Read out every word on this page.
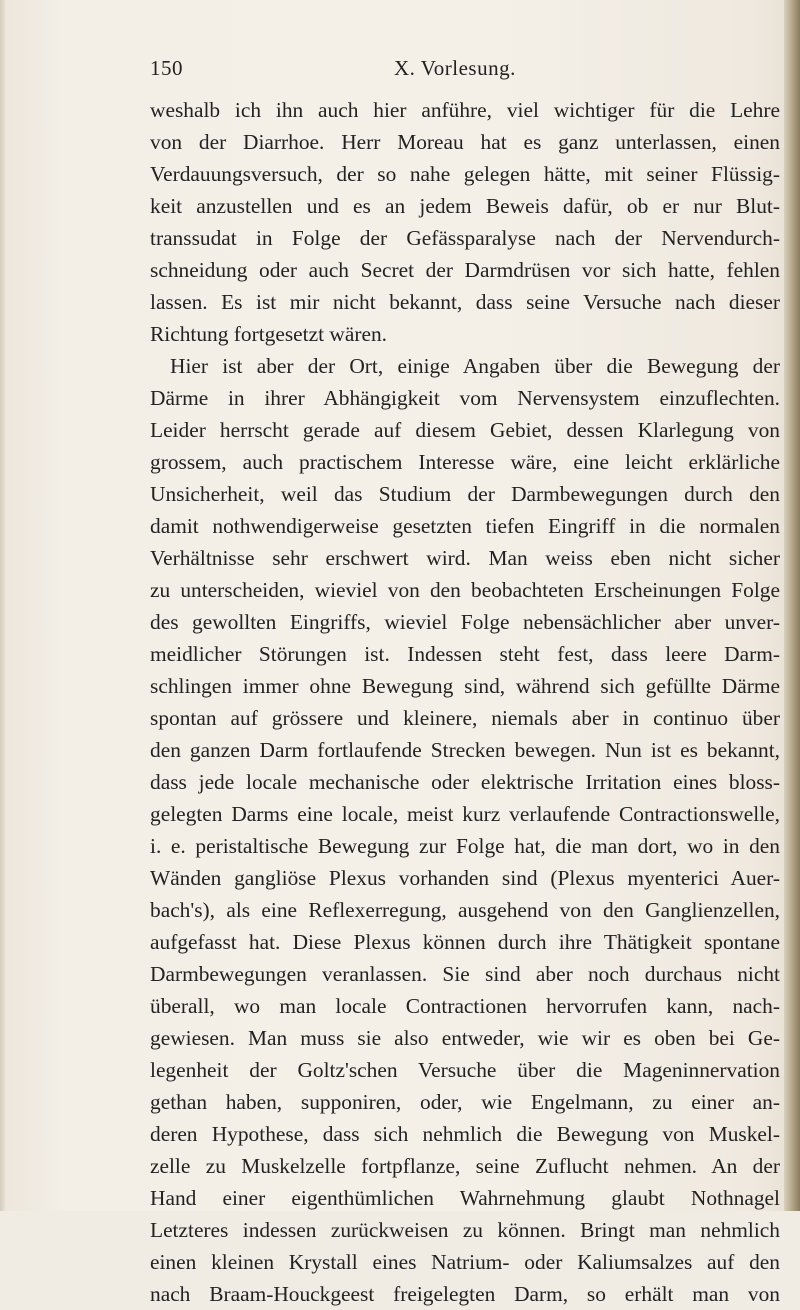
150	X. Vorlesung.
weshalb ich ihn auch hier anführe, viel wichtiger für die Lehre
von der Diarrhoe. Herr Moreau hat es ganz unterlassen, einen
Verdauungsversuch, der so nahe gelegen hätte, mit seiner Flüssig-
keit anzustellen und es an jedem Beweis dafür, ob er nur Blut-
transsudat in Folge der Gefässparalyse nach der Nervendurch-
schneidung oder auch Secret der Darmdrüsen vor sich hatte, fehlen
lassen. Es ist mir nicht bekannt, dass seine Versuche nach dieser
Richtung fortgesetzt wären.
Hier ist aber der Ort, einige Angaben über die Bewegung der
Därme in ihrer Abhängigkeit vom Nervensystem einzuflechten.
Leider herrscht gerade auf diesem Gebiet, dessen Klarlegung von
grossem, auch practischem Interesse wäre, eine leicht erklärliche
Unsicherheit, weil das Studium der Darmbewegungen durch den
damit nothwendigerweise gesetzten tiefen Eingriff in die normalen
Verhältnisse sehr erschwert wird. Man weiss eben nicht sicher
zu unterscheiden, wieviel von den beobachteten Erscheinungen Folge
des gewollten Eingriffs, wieviel Folge nebensächlicher aber unver-
meidlicher Störungen ist. Indessen steht fest, dass leere Darm-
schlingen immer ohne Bewegung sind, während sich gefüllte Därme
spontan auf grössere und kleinere, niemals aber in continuo über
den ganzen Darm fortlaufende Strecken bewegen. Nun ist es bekannt,
dass jede locale mechanische oder elektrische Irritation eines bloss-
gelegten Darms eine locale, meist kurz verlaufende Contractionswelle,
i. e. peristaltische Bewegung zur Folge hat, die man dort, wo in den
Wänden gangliöse Plexus vorhanden sind (Plexus myenterici Auer-
bach's), als eine Reflexerregung, ausgehend von den Ganglienzellen,
aufgefasst hat. Diese Plexus können durch ihre Thätigkeit spontane
Darmbewegungen veranlassen. Sie sind aber noch durchaus nicht
überall, wo man locale Contractionen hervorrufen kann, nach-
gewiesen. Man muss sie also entweder, wie wir es oben bei Ge-
legenheit der Goltz'schen Versuche über die Mageninnervation
gethan haben, supponiren, oder, wie Engelmann, zu einer an-
deren Hypothese, dass sich nehmlich die Bewegung von Muskel-
zelle zu Muskelzelle fortpflanze, seine Zuflucht nehmen. An der
Hand einer eigenthümlichen Wahrnehmung glaubt Nothnagel
Letzteres indessen zurückweisen zu können. Bringt man nehmlich
einen kleinen Krystall eines Natrium- oder Kaliumsalzes auf den
nach Braam-Houckgeest freigelegten Darm, so erhält man von
